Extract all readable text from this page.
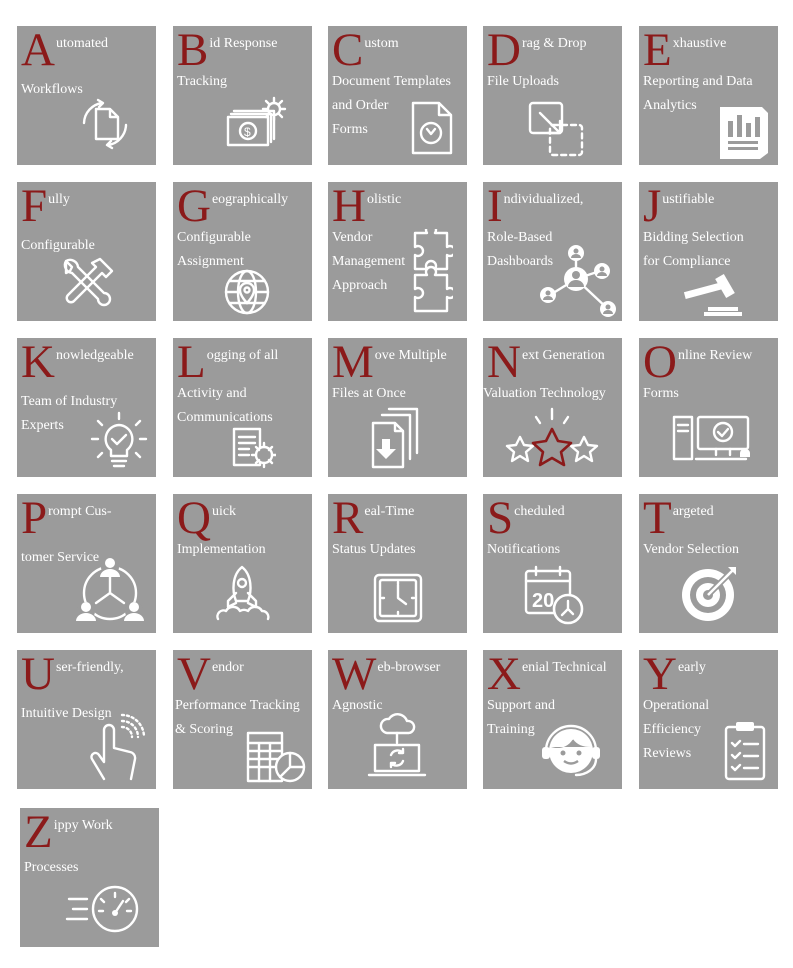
Automated
Workflows
Bid Response
Tracking
$
Custom
Document Templates
and Order
Forms
Drag & Drop
File Uploads
Exhaustive
Reporting and Data
Analytics
Fully
Configurable
Geographically
Configurable
Assignment
Holistic
Vendor
Management
Approach
Individualized,
Role-Based
Dashboards
Justifiable
Bidding Selection
for Compliance
Knowledgeable
Team of Industry
Experts
Logging of all
Activity and
Communications
Move Multiple
Files at Once
Next Generation
Valuation Technology
Online Review
Forms
Prompt Cus-
tomer Service
Quick
Implementation
Real-Time
Status Updates
Scheduled
Notifications
20
Targeted
Vendor Selection
User-friendly,
Intuitive Design
Vendor
Performance Tracking
& Scoring
Web-browser
Agnostic
Xenial Technical
Support and
Training
Yearly
Operational
Efficiency
Reviews
Zippy Work
Processes
